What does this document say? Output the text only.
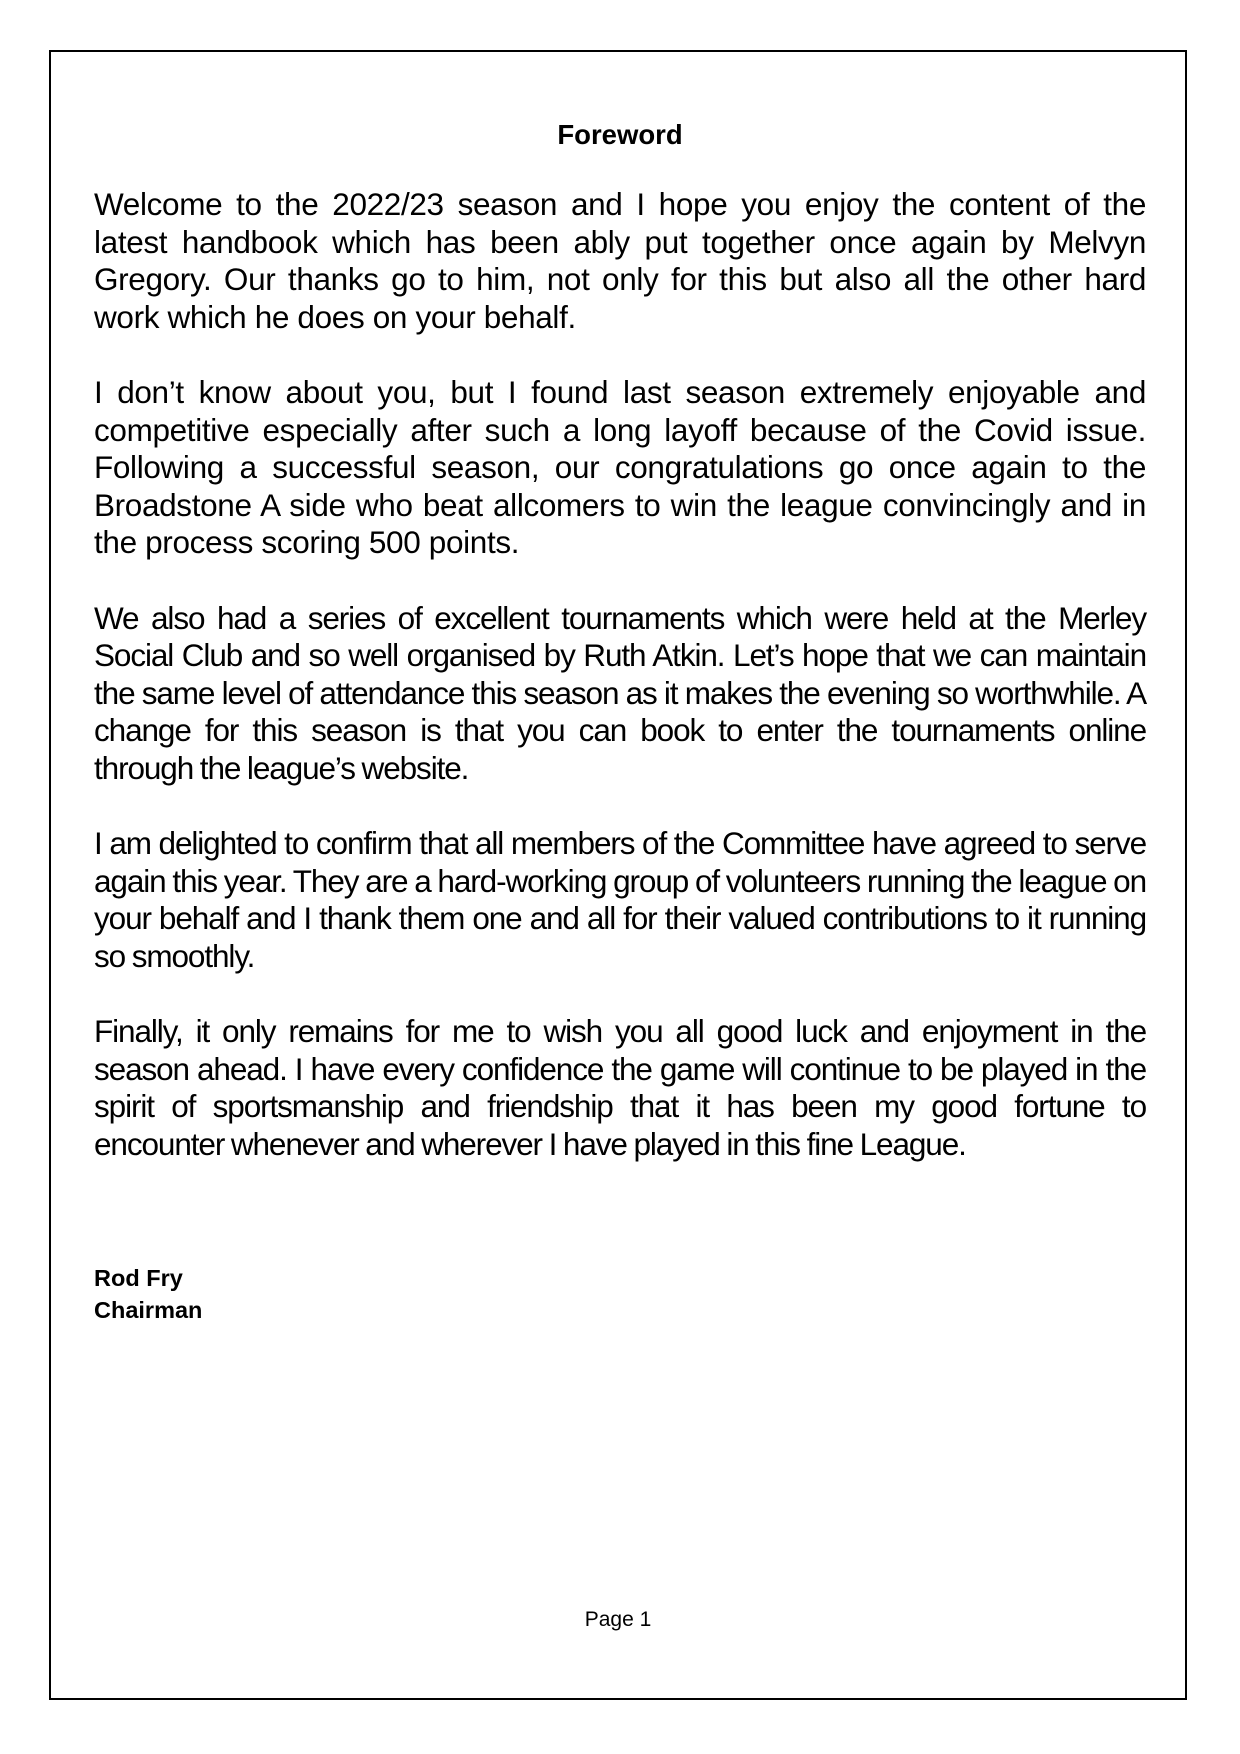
Foreword

Welcome to the 2022/23 season and I hope you enjoy the content of the latest handbook which has been ably put together once again by Melvyn Gregory. Our thanks go to him, not only for this but also all the other hard work which he does on your behalf.

I don’t know about you, but I found last season extremely enjoyable and competitive especially after such a long layoff because of the Covid issue. Following a successful season, our congratulations go once again to the Broadstone A side who beat allcomers to win the league convincingly and in the process scoring 500 points.

We also had a series of excellent tournaments which were held at the Merley Social Club and so well organised by Ruth Atkin. Let’s hope that we can maintain the same level of attendance this season as it makes the evening so worthwhile. A change for this season is that you can book to enter the tournaments online through the league’s website.

I am delighted to confirm that all members of the Committee have agreed to serve again this year. They are a hard-working group of volunteers running the league on your behalf and I thank them one and all for their valued contributions to it running so smoothly.

Finally, it only remains for me to wish you all good luck and enjoyment in the season ahead. I have every confidence the game will continue to be played in the spirit of sportsmanship and friendship that it has been my good fortune to encounter whenever and wherever I have played in this fine League.

Rod Fry
Chairman
Page 1
